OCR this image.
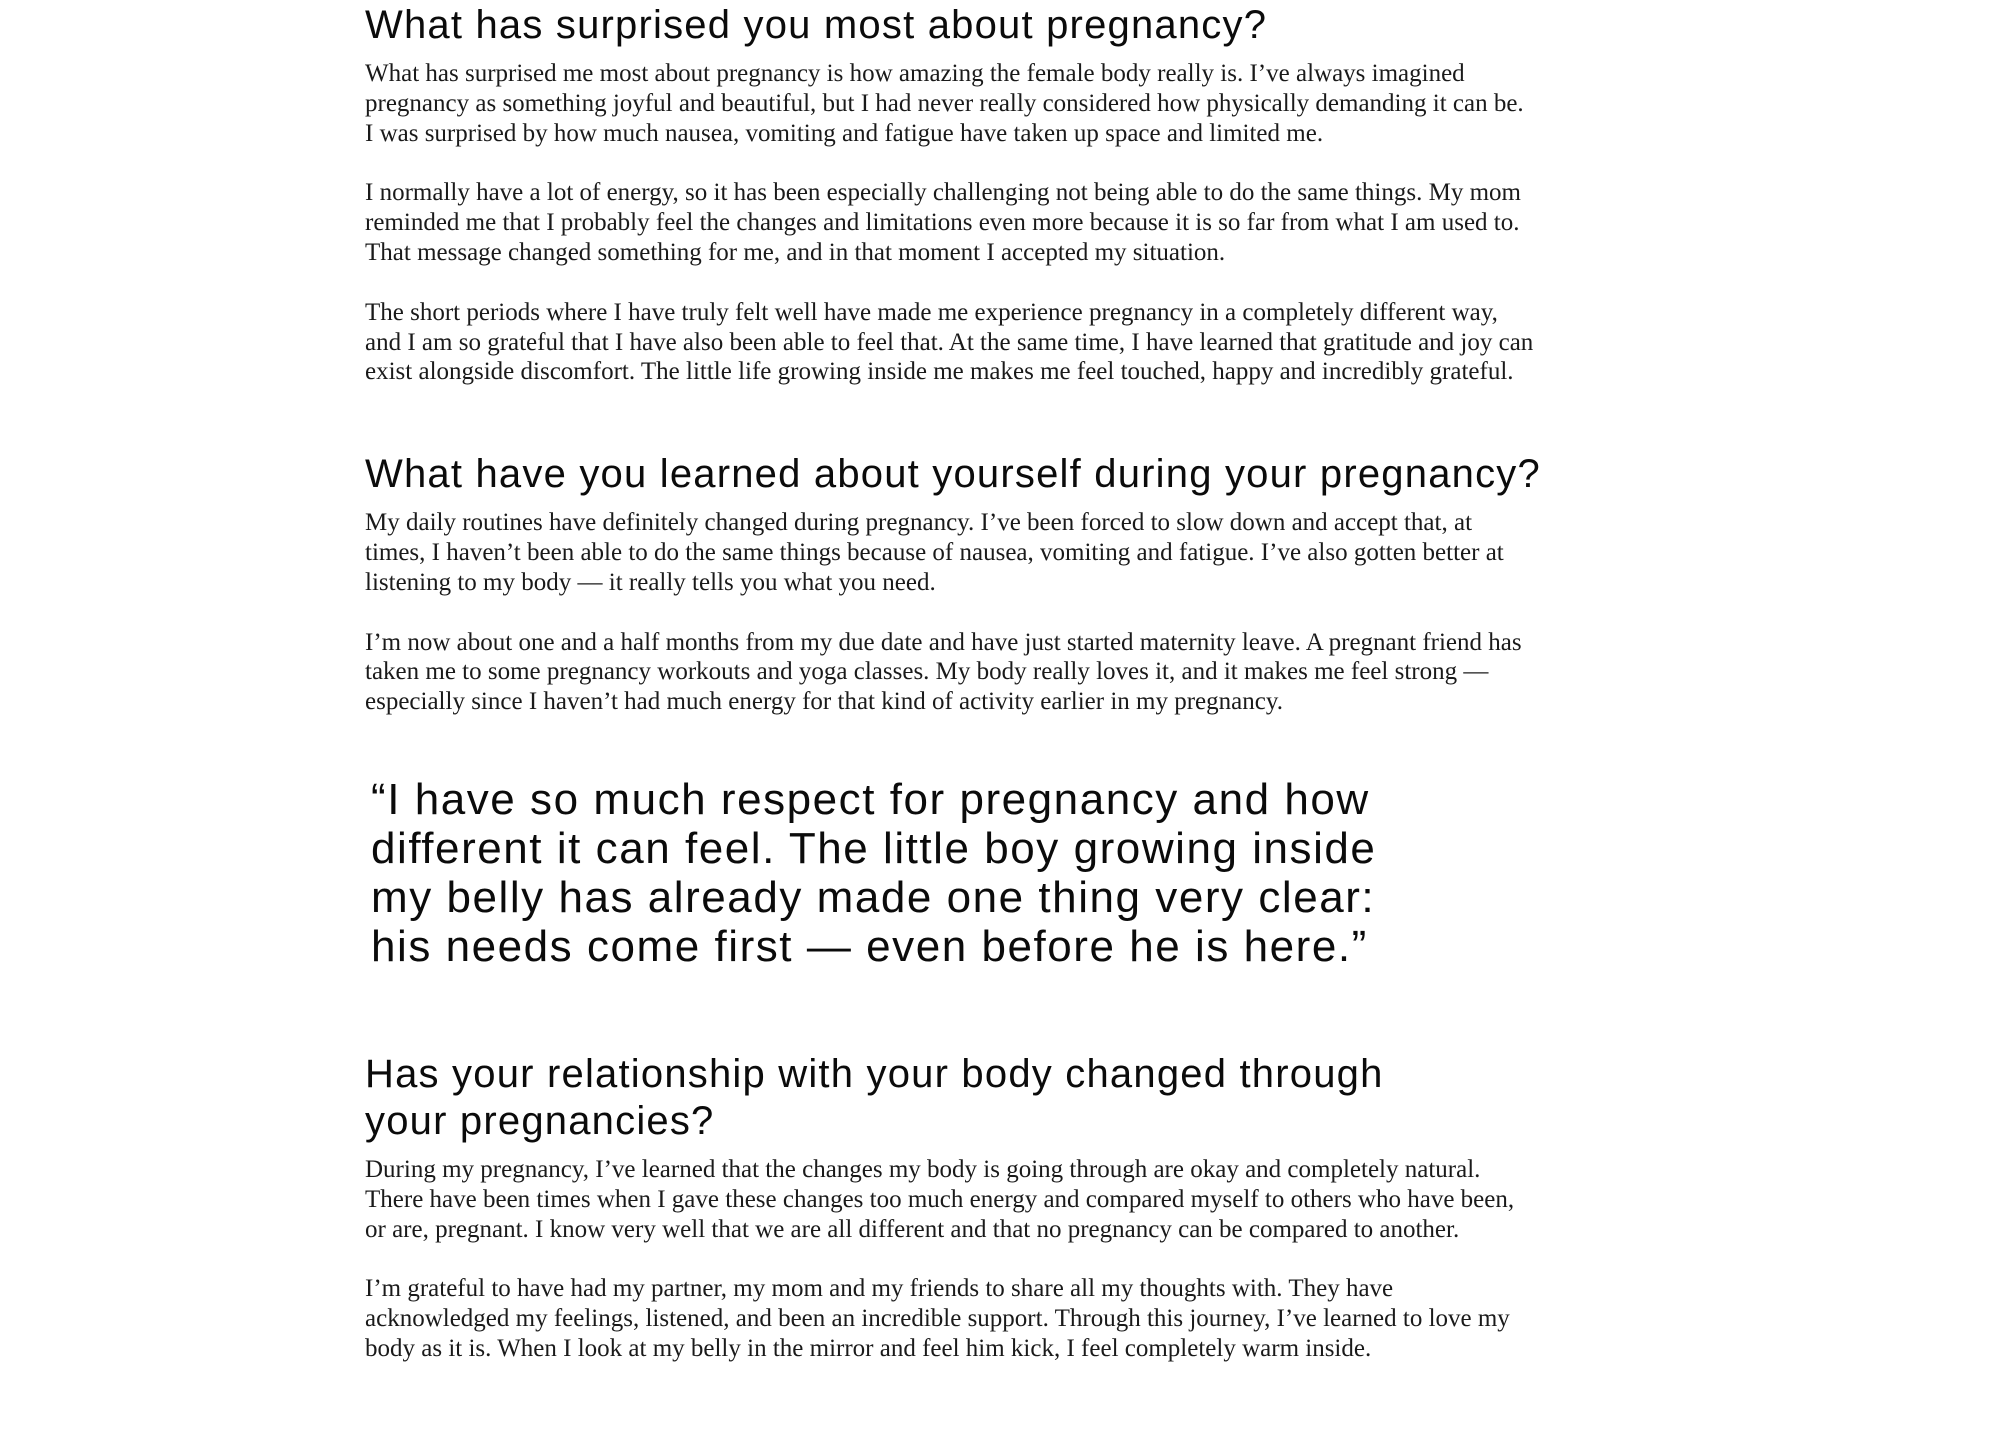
What has surprised you most about pregnancy?

What has surprised me most about pregnancy is how amazing the female body really is. I’ve always imagined pregnancy as something joyful and beautiful, but I had never really considered how physically demanding it can be. I was surprised by how much nausea, vomiting and fatigue have taken up space and limited me.

I normally have a lot of energy, so it has been especially challenging not being able to do the same things. My mom reminded me that I probably feel the changes and limitations even more because it is so far from what I am used to. That message changed something for me, and in that moment I accepted my situation.

The short periods where I have truly felt well have made me experience pregnancy in a completely different way, and I am so grateful that I have also been able to feel that. At the same time, I have learned that gratitude and joy can exist alongside discomfort. The little life growing inside me makes me feel touched, happy and incredibly grateful.

What have you learned about yourself during your pregnancy?

My daily routines have definitely changed during pregnancy. I’ve been forced to slow down and accept that, at times, I haven’t been able to do the same things because of nausea, vomiting and fatigue. I’ve also gotten better at listening to my body — it really tells you what you need.

I’m now about one and a half months from my due date and have just started maternity leave. A pregnant friend has taken me to some pregnancy workouts and yoga classes. My body really loves it, and it makes me feel strong — especially since I haven’t had much energy for that kind of activity earlier in my pregnancy.

“I have so much respect for pregnancy and how
different it can feel. The little boy growing inside
my belly has already made one thing very clear:
his needs come first — even before he is here.”
Has your relationship with your body changed through
your pregnancies?

During my pregnancy, I’ve learned that the changes my body is going through are okay and completely natural. There have been times when I gave these changes too much energy and compared myself to others who have been, or are, pregnant. I know very well that we are all different and that no pregnancy can be compared to another.

I’m grateful to have had my partner, my mom and my friends to share all my thoughts with. They have acknowledged my feelings, listened, and been an incredible support. Through this journey, I’ve learned to love my body as it is. When I look at my belly in the mirror and feel him kick, I feel completely warm inside.
